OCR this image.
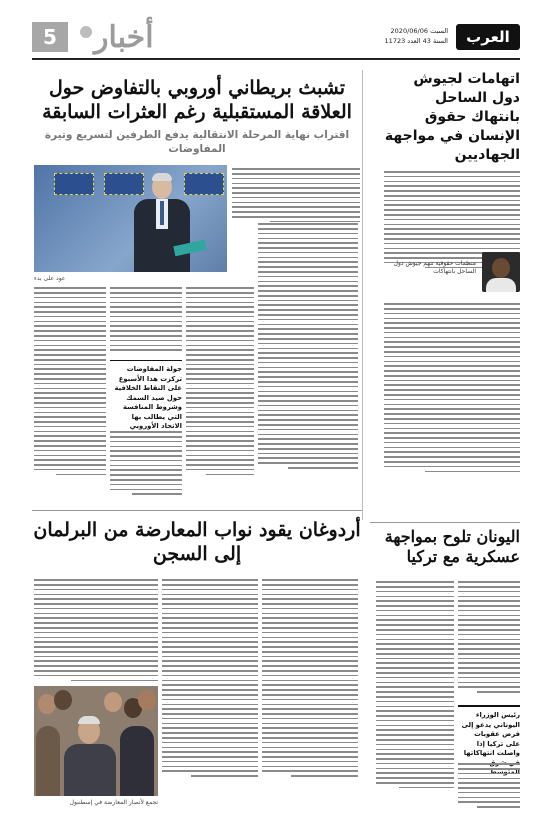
العرب
السبت 2020/06/06
السنة 43 العدد 11723
أخبار
5
اتهامات لجيوش دول الساحل بانتهاك حقوق الإنسان في مواجهة الجهاديين
منظمات حقوقية تتهم جيوش دول الساحل بانتهاكات
تشبث بريطاني أوروبي بالتفاوض حول العلاقة المستقبلية رغم العثرات السابقة
اقتراب نهاية المرحلة الانتقالية يدفع الطرفين لتسريع وتيرة المفاوضات
عود على بدء
جولة المفاوضات تركزت هذا الأسبوع على النقاط الخلافية حول صيد السمك وشروط المنافسة التي يطالب بها الاتحاد الأوروبي
اليونان تلوح بمواجهة عسكرية مع تركيا
رئيس الوزراء اليوناني يدعو إلى فرض عقوبات على تركيا إذا واصلت انتهاكاتها
أردوغان يقود نواب المعارضة من البرلمان إلى السجن
تجمع لأنصار المعارضة في إسطنبول
